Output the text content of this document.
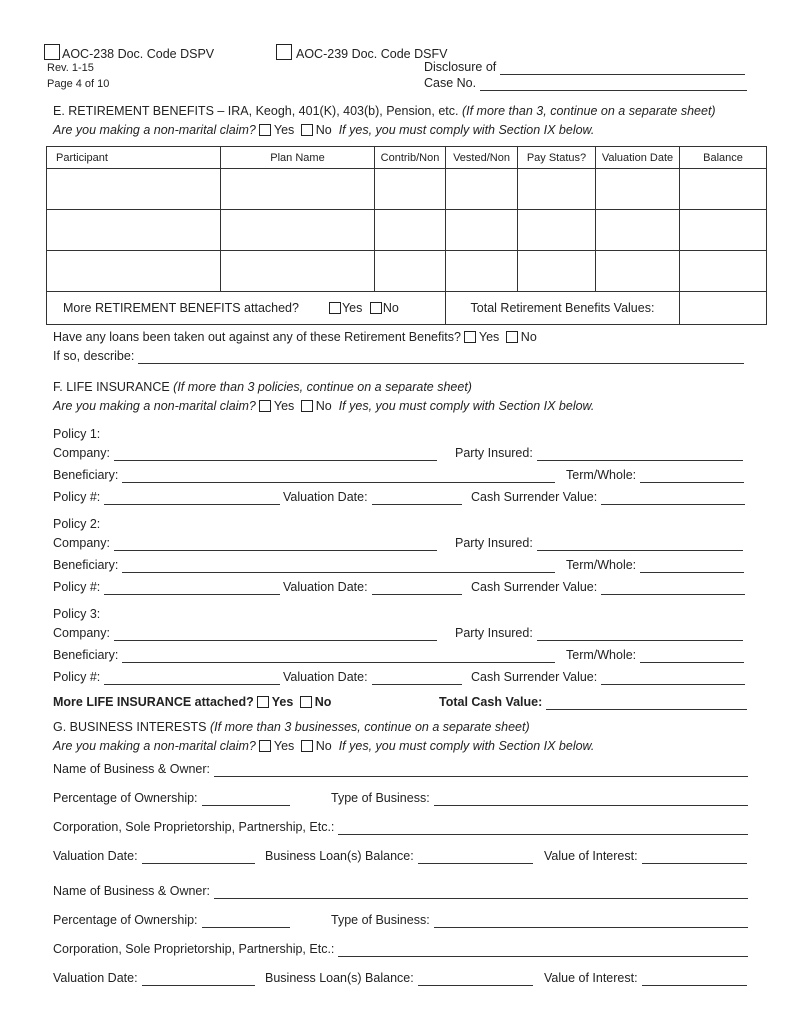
AOC-238 Doc. Code DSPV	AOC-239 Doc. Code DSFV
Rev. 1-15
Page 4 of 10
Disclosure of
Case No.
E. RETIREMENT BENEFITS – IRA, Keogh, 401(K), 403(b), Pension, etc. (If more than 3, continue on a separate sheet)
Are you making a non-marital claim? Yes No If yes, you must comply with Section IX below.
Participant	Plan Name	Contrib/Non	Vested/Non	Pay Status?	Valuation Date	Balance

More RETIREMENT BENEFITS attached? Yes No			Total Retirement Benefits Values:			
Have any loans been taken out against any of these Retirement Benefits? Yes No
If so, describe:
F. LIFE INSURANCE (If more than 3 policies, continue on a separate sheet)
Are you making a non-marital claim? Yes No If yes, you must comply with Section IX below.
Policy 1:
Company:	Party Insured:
Beneficiary:	Term/Whole:
Policy #:	Valuation Date:	Cash Surrender Value:
Policy 2:
Company:	Party Insured:
Beneficiary:	Term/Whole:
Policy #:	Valuation Date:	Cash Surrender Value:
Policy 3:
Company:	Party Insured:
Beneficiary:	Term/Whole:
Policy #:	Valuation Date:	Cash Surrender Value:
More LIFE INSURANCE attached? Yes No	Total Cash Value:
G. BUSINESS INTERESTS (If more than 3 businesses, continue on a separate sheet)
Are you making a non-marital claim? Yes No If yes, you must comply with Section IX below.
Name of Business & Owner:
Percentage of Ownership:	Type of Business:
Corporation, Sole Proprietorship, Partnership, Etc.:
Valuation Date:	Business Loan(s) Balance:	Value of Interest:
Name of Business & Owner:
Percentage of Ownership:	Type of Business:
Corporation, Sole Proprietorship, Partnership, Etc.:
Valuation Date:	Business Loan(s) Balance:	Value of Interest:
